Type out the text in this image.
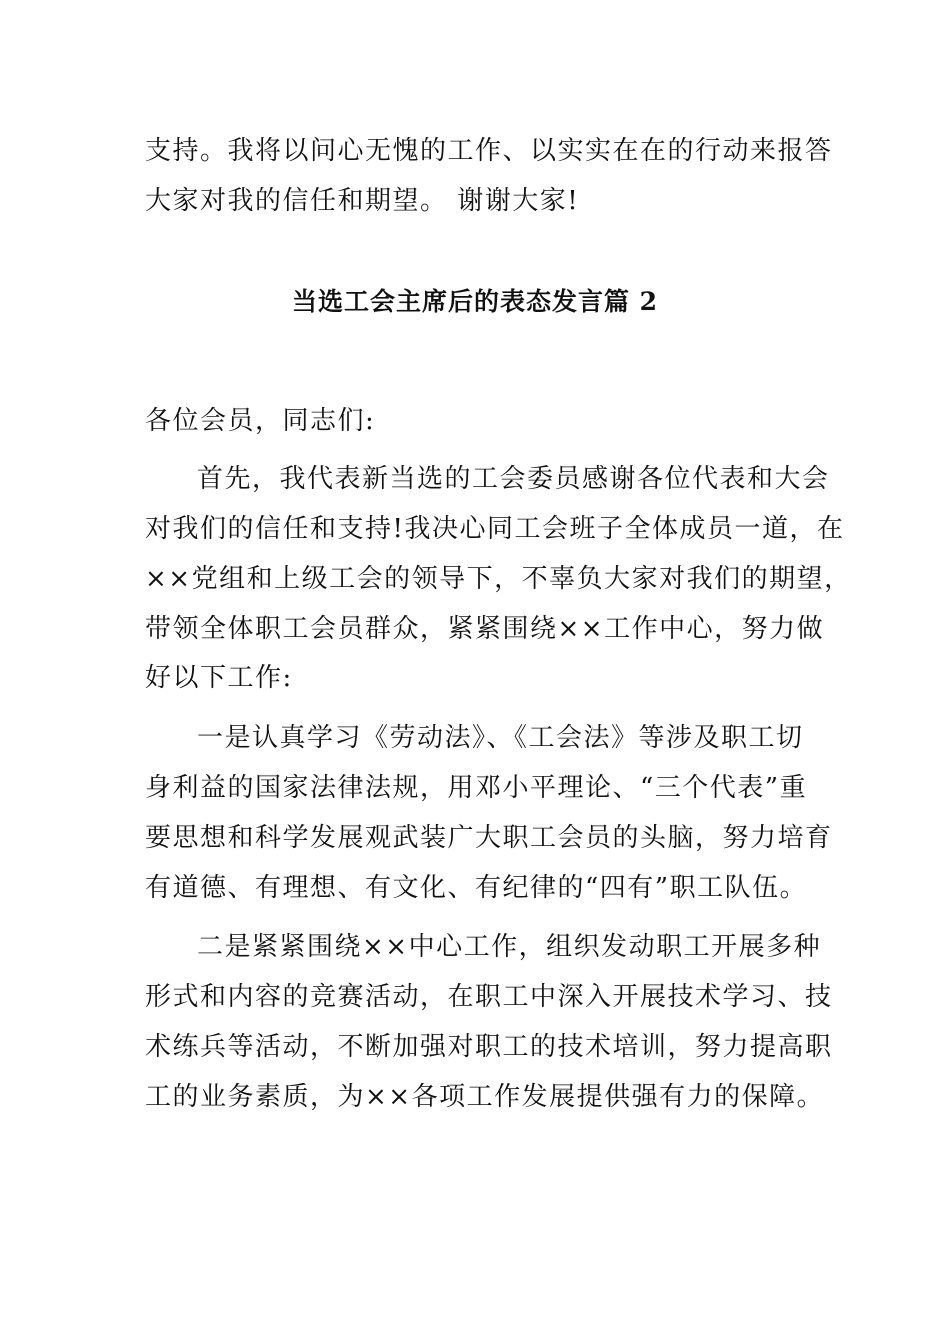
支持。我将以问心无愧的工作、以实实在在的行动来报答
大家对我的信任和期望。 谢谢大家!
当选工会主席后的表态发言篇 2
各位会员，同志们:
首先，我代表新当选的工会委员感谢各位代表和大会
对我们的信任和支持!我决心同工会班子全体成员一道，在
××党组和上级工会的领导下，不辜负大家对我们的期望，
带领全体职工会员群众，紧紧围绕××工作中心，努力做
好以下工作:
一是认真学习《劳动法》、《工会法》等涉及职工切
身利益的国家法律法规，用邓小平理论、“三个代表”重
要思想和科学发展观武装广大职工会员的头脑，努力培育
有道德、有理想、有文化、有纪律的“四有”职工队伍。
二是紧紧围绕××中心工作，组织发动职工开展多种
形式和内容的竞赛活动，在职工中深入开展技术学习、技
术练兵等活动，不断加强对职工的技术培训，努力提高职
工的业务素质，为××各项工作发展提供强有力的保障。
